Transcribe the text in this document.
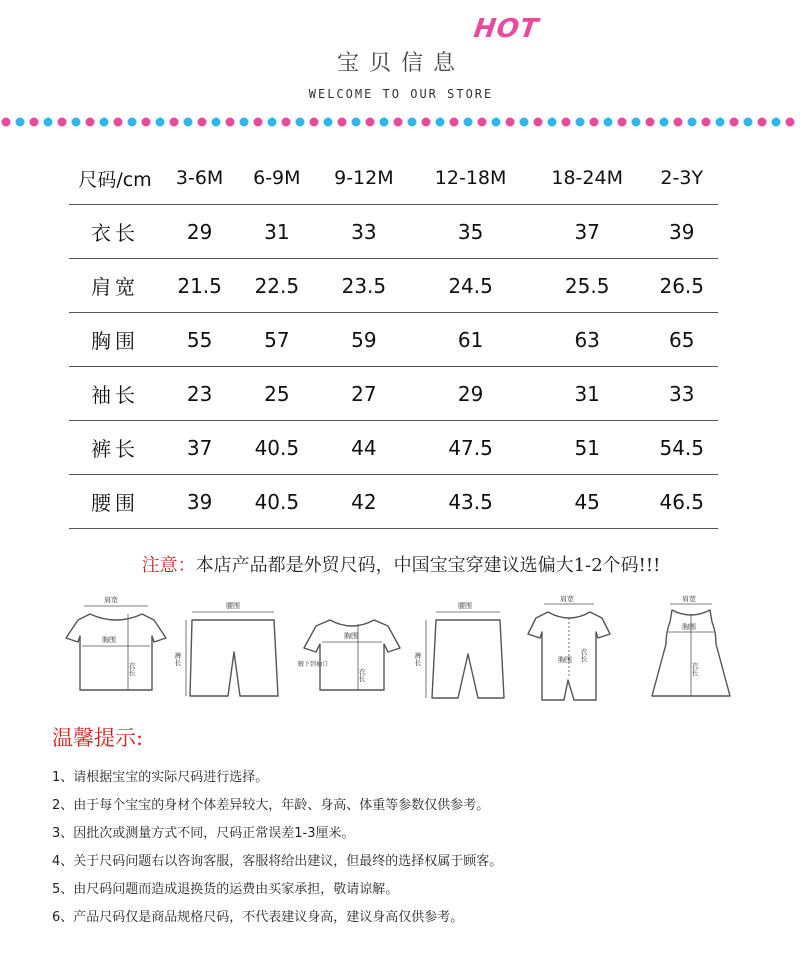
宝贝信息
HOT
WELCOME TO OUR STORE
尺码/cm	3-6M	6-9M	9-12M	12-18M	18-24M	2-3Y
衣长	29	31	33	35	37	39
肩宽	21.5	22.5	23.5	24.5	25.5	26.5
胸围	55	57	59	61	63	65
袖长	23	25	27	29	31	33
裤长	37	40.5	44	47.5	51	54.5
腰围	39	40.5	42	43.5	45	46.5
注意：本店产品都是外贸尺码，中国宝宝穿建议选偏大1-2个码!!!
肩宽
胸围
衣长
腰围
裤长
胸围
腋下到袖口
衣长
腰围
裤长
肩宽
胸围 衣长
肩宽
胸围
衣长
温馨提示:
1、请根据宝宝的实际尺码进行选择。
2、由于每个宝宝的身材个体差异较大，年龄、身高、体重等参数仅供参考。
3、因批次或测量方式不同，尺码正常误差1-3厘米。
4、关于尺码问题右以咨询客服，客服将给出建议，但最终的选择权属于顾客。
5、由尺码问题而造成退换货的运费由买家承担，敬请谅解。
6、产品尺码仅是商品规格尺码，不代表建议身高，建议身高仅供参考。
